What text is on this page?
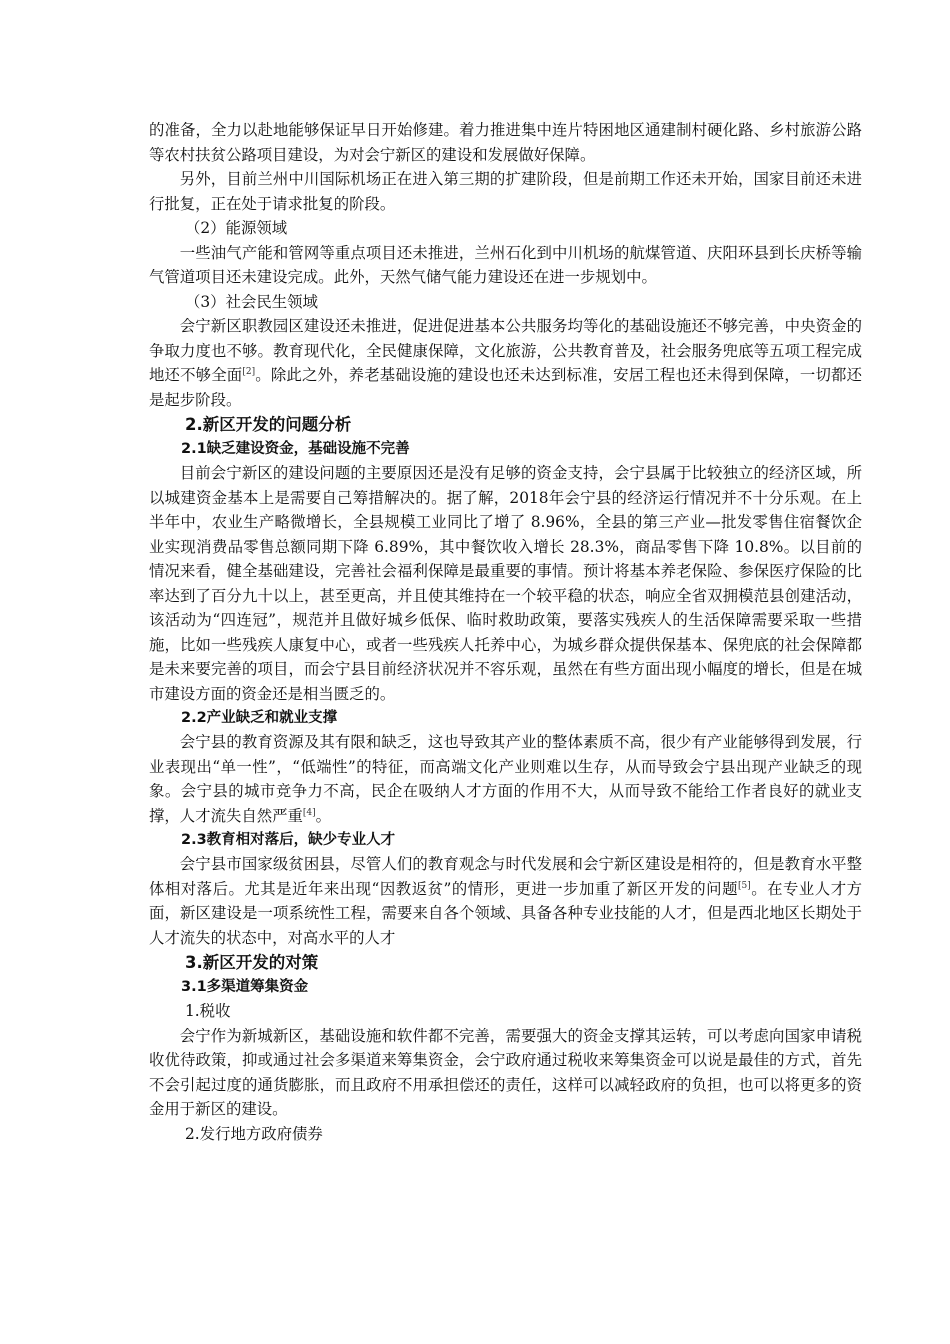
的准备，全力以赴地能够保证早日开始修建。着力推进集中连片特困地区通建制村硬化路、乡村旅游公路等农村扶贫公路项目建设，为对会宁新区的建设和发展做好保障。

另外，目前兰州中川国际机场正在进入第三期的扩建阶段，但是前期工作还未开始，国家目前还未进行批复，正在处于请求批复的阶段。

（2）能源领域

一些油气产能和管网等重点项目还未推进，兰州石化到中川机场的航煤管道、庆阳环县到长庆桥等输气管道项目还未建设完成。此外，天然气储气能力建设还在进一步规划中。

（3）社会民生领域

会宁新区职教园区建设还未推进，促进促进基本公共服务均等化的基础设施还不够完善，中央资金的争取力度也不够。教育现代化，全民健康保障，文化旅游，公共教育普及，社会服务兜底等五项工程完成地还不够全面[2]。除此之外，养老基础设施的建设也还未达到标准，安居工程也还未得到保障，一切都还是起步阶段。

2.新区开发的问题分析

2.1缺乏建设资金，基础设施不完善

目前会宁新区的建设问题的主要原因还是没有足够的资金支持，会宁县属于比较独立的经济区域，所以城建资金基本上是需要自己筹措解决的。据了解，2018年会宁县的经济运行情况并不十分乐观。在上半年中，农业生产略微增长，全县规模工业同比了增了 8.96%，全县的第三产业—批发零售住宿餐饮企业实现消费品零售总额同期下降 6.89%，其中餐饮收入增长 28.3%，商品零售下降 10.8%。以目前的情况来看，健全基础建设，完善社会福利保障是最重要的事情。预计将基本养老保险、参保医疗保险的比率达到了百分九十以上，甚至更高，并且使其维持在一个较平稳的状态，响应全省双拥模范县创建活动，该活动为“四连冠”，规范并且做好城乡低保、临时救助政策，要落实残疾人的生活保障需要采取一些措施，比如一些残疾人康复中心，或者一些残疾人托养中心，为城乡群众提供保基本、保兜底的社会保障都是未来要完善的项目，而会宁县目前经济状况并不容乐观，虽然在有些方面出现小幅度的增长，但是在城市建设方面的资金还是相当匮乏的。

2.2产业缺乏和就业支撑

会宁县的教育资源及其有限和缺乏，这也导致其产业的整体素质不高，很少有产业能够得到发展，行业表现出“单一性”，“低端性”的特征，而高端文化产业则难以生存，从而导致会宁县出现产业缺乏的现象。会宁县的城市竞争力不高，民企在吸纳人才方面的作用不大，从而导致不能给工作者良好的就业支撑，人才流失自然严重[4]。

2.3教育相对落后，缺少专业人才

会宁县市国家级贫困县，尽管人们的教育观念与时代发展和会宁新区建设是相符的，但是教育水平整体相对落后。尤其是近年来出现“因教返贫”的情形，更进一步加重了新区开发的问题[5]。在专业人才方面，新区建设是一项系统性工程，需要来自各个领域、具备各种专业技能的人才，但是西北地区长期处于人才流失的状态中，对高水平的人才

3.新区开发的对策

3.1多渠道筹集资金

1.税收

会宁作为新城新区，基础设施和软件都不完善，需要强大的资金支撑其运转，可以考虑向国家申请税收优待政策，抑或通过社会多渠道来筹集资金，会宁政府通过税收来筹集资金可以说是最佳的方式，首先不会引起过度的通货膨胀，而且政府不用承担偿还的责任，这样可以减轻政府的负担，也可以将更多的资金用于新区的建设。

2.发行地方政府债券
